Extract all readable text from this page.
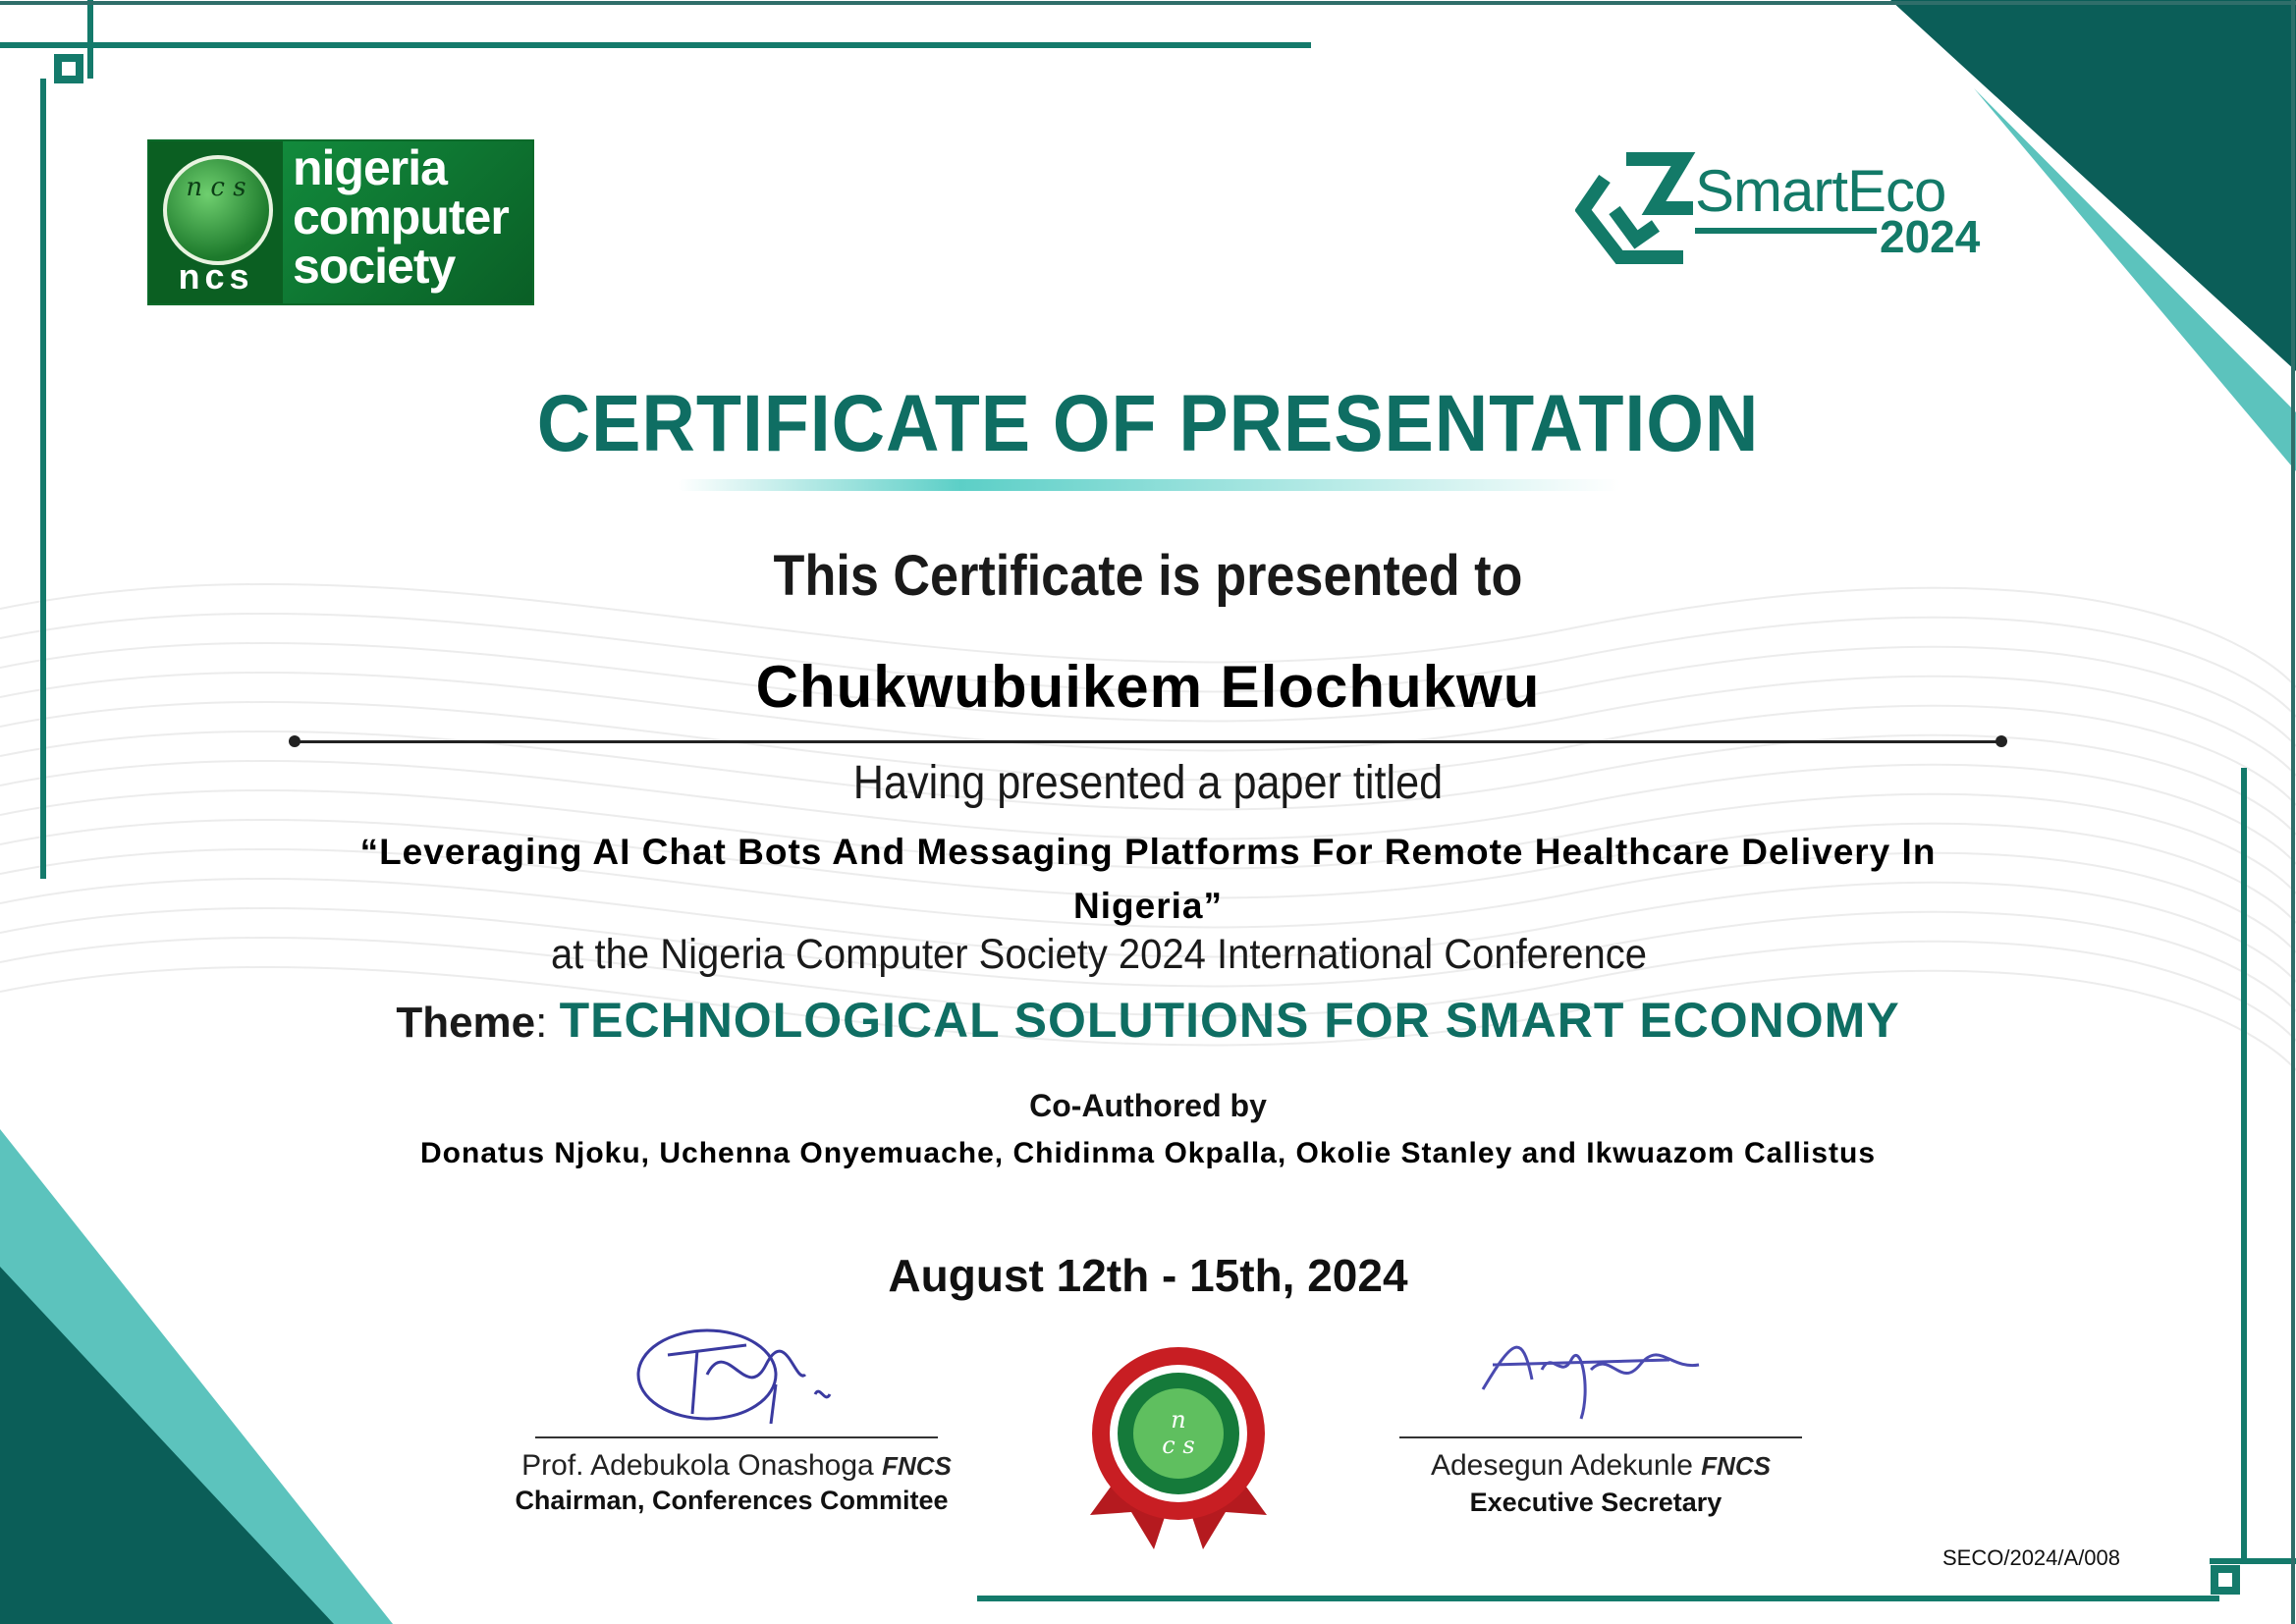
n c s
ncs
nigeria
computer
society
SmartEco
2024
CERTIFICATE OF PRESENTATION
This Certificate is presented to
Chukwubuikem Elochukwu
Having presented a paper titled
“Leveraging AI Chat Bots And Messaging Platforms For Remote Healthcare Delivery In Nigeria”
at the Nigeria Computer Society 2024 International Conference
Theme: TECHNOLOGICAL SOLUTIONS FOR SMART ECONOMY
Co-Authored by
Donatus Njoku, Uchenna Onyemuache, Chidinma Okpalla, Okolie Stanley and Ikwuazom Callistus
August 12th - 15th, 2024
Prof. Adebukola Onashoga FNCS
Chairman, Conferences Commitee
n
c s
Adesegun Adekunle FNCS
Executive Secretary
SECO/2024/A/008
